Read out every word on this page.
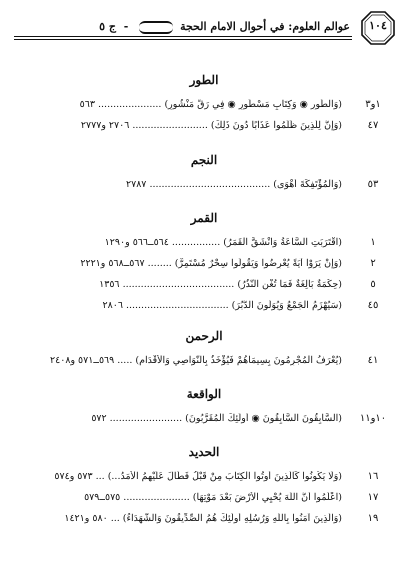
عوالم العلوم: في أحوال الامام الحجة  - ج ٥	١٠٤
الطور
١و٣
(وَالطُّورِ ◉ وَكِتَابٍ مَسْطُورٍ ◉ فِي رَقٍّ مَنْشُورٍ) ..................... ٥٦٣
٤٧
(وَإِنَّ لِلَّذِينَ ظَلَمُوا عَذَابًا دُونَ ذَلِكَ) ......................... ٢٧٠٦ و٢٧٧٧
النجم
٥٣
(وَالْمُؤْتَفِكَةَ أَهْوَى) ........................................ ٢٧٨٧
القمر
١
(اقْتَرَبَتِ السَّاعَةُ وَانْشَقَّ الْقَمَرُ) ................ ٥٦٤ــ٥٦٦ و١٢٩٠
٢
(وَإِنْ يَرَوْا آيَةً يُعْرِضُوا وَيَقُولُوا سِحْرٌ مُسْتَمِرٌّ) ........ ٥٦٧ــ٥٦٨ و٢٢٢١
٥
(حِكْمَةٌ بَالِغَةٌ فَمَا تُغْنِ النُّذُرُ) ..................................... ١٣٥٦
٤٥
(سَيُهْزَمُ الْجَمْعُ وَيُوَلُّونَ الدُّبُرَ) .................................. ٢٨٠٦
الرحمن
٤١
(يُعْرَفُ الْمُجْرِمُونَ بِسِيمَاهُمْ فَيُؤْخَذُ بِالنَّوَاصِي وَالْأَقْدَامِ) ..... ٥٦٩ــ٥٧١ و٢٤٠٨
الواقعة
١٠و١١
(السَّابِقُونَ السَّابِقُونَ ◉ أُولَئِكَ الْمُقَرَّبُونَ) ........................ ٥٧٢
الحديد
١٦
(وَلَا يَكُونُوا كَالَّذِينَ أُوتُوا الْكِتَابَ مِنْ قَبْلُ فَطَالَ عَلَيْهِمُ الْأَمَدُ...) ... ٥٧٣ و٥٧٤
١٧
(اعْلَمُوا أَنَّ اللَّهَ يُحْيِي الْأَرْضَ بَعْدَ مَوْتِهَا) ...................... ٥٧٥ــ٥٧٩
١٩
(وَالَّذِينَ آمَنُوا بِاللَّهِ وَرُسُلِهِ أُولَئِكَ هُمُ الصِّدِّيقُونَ وَالشُّهَدَاءُ) ... ٥٨٠ و١٤٢١
